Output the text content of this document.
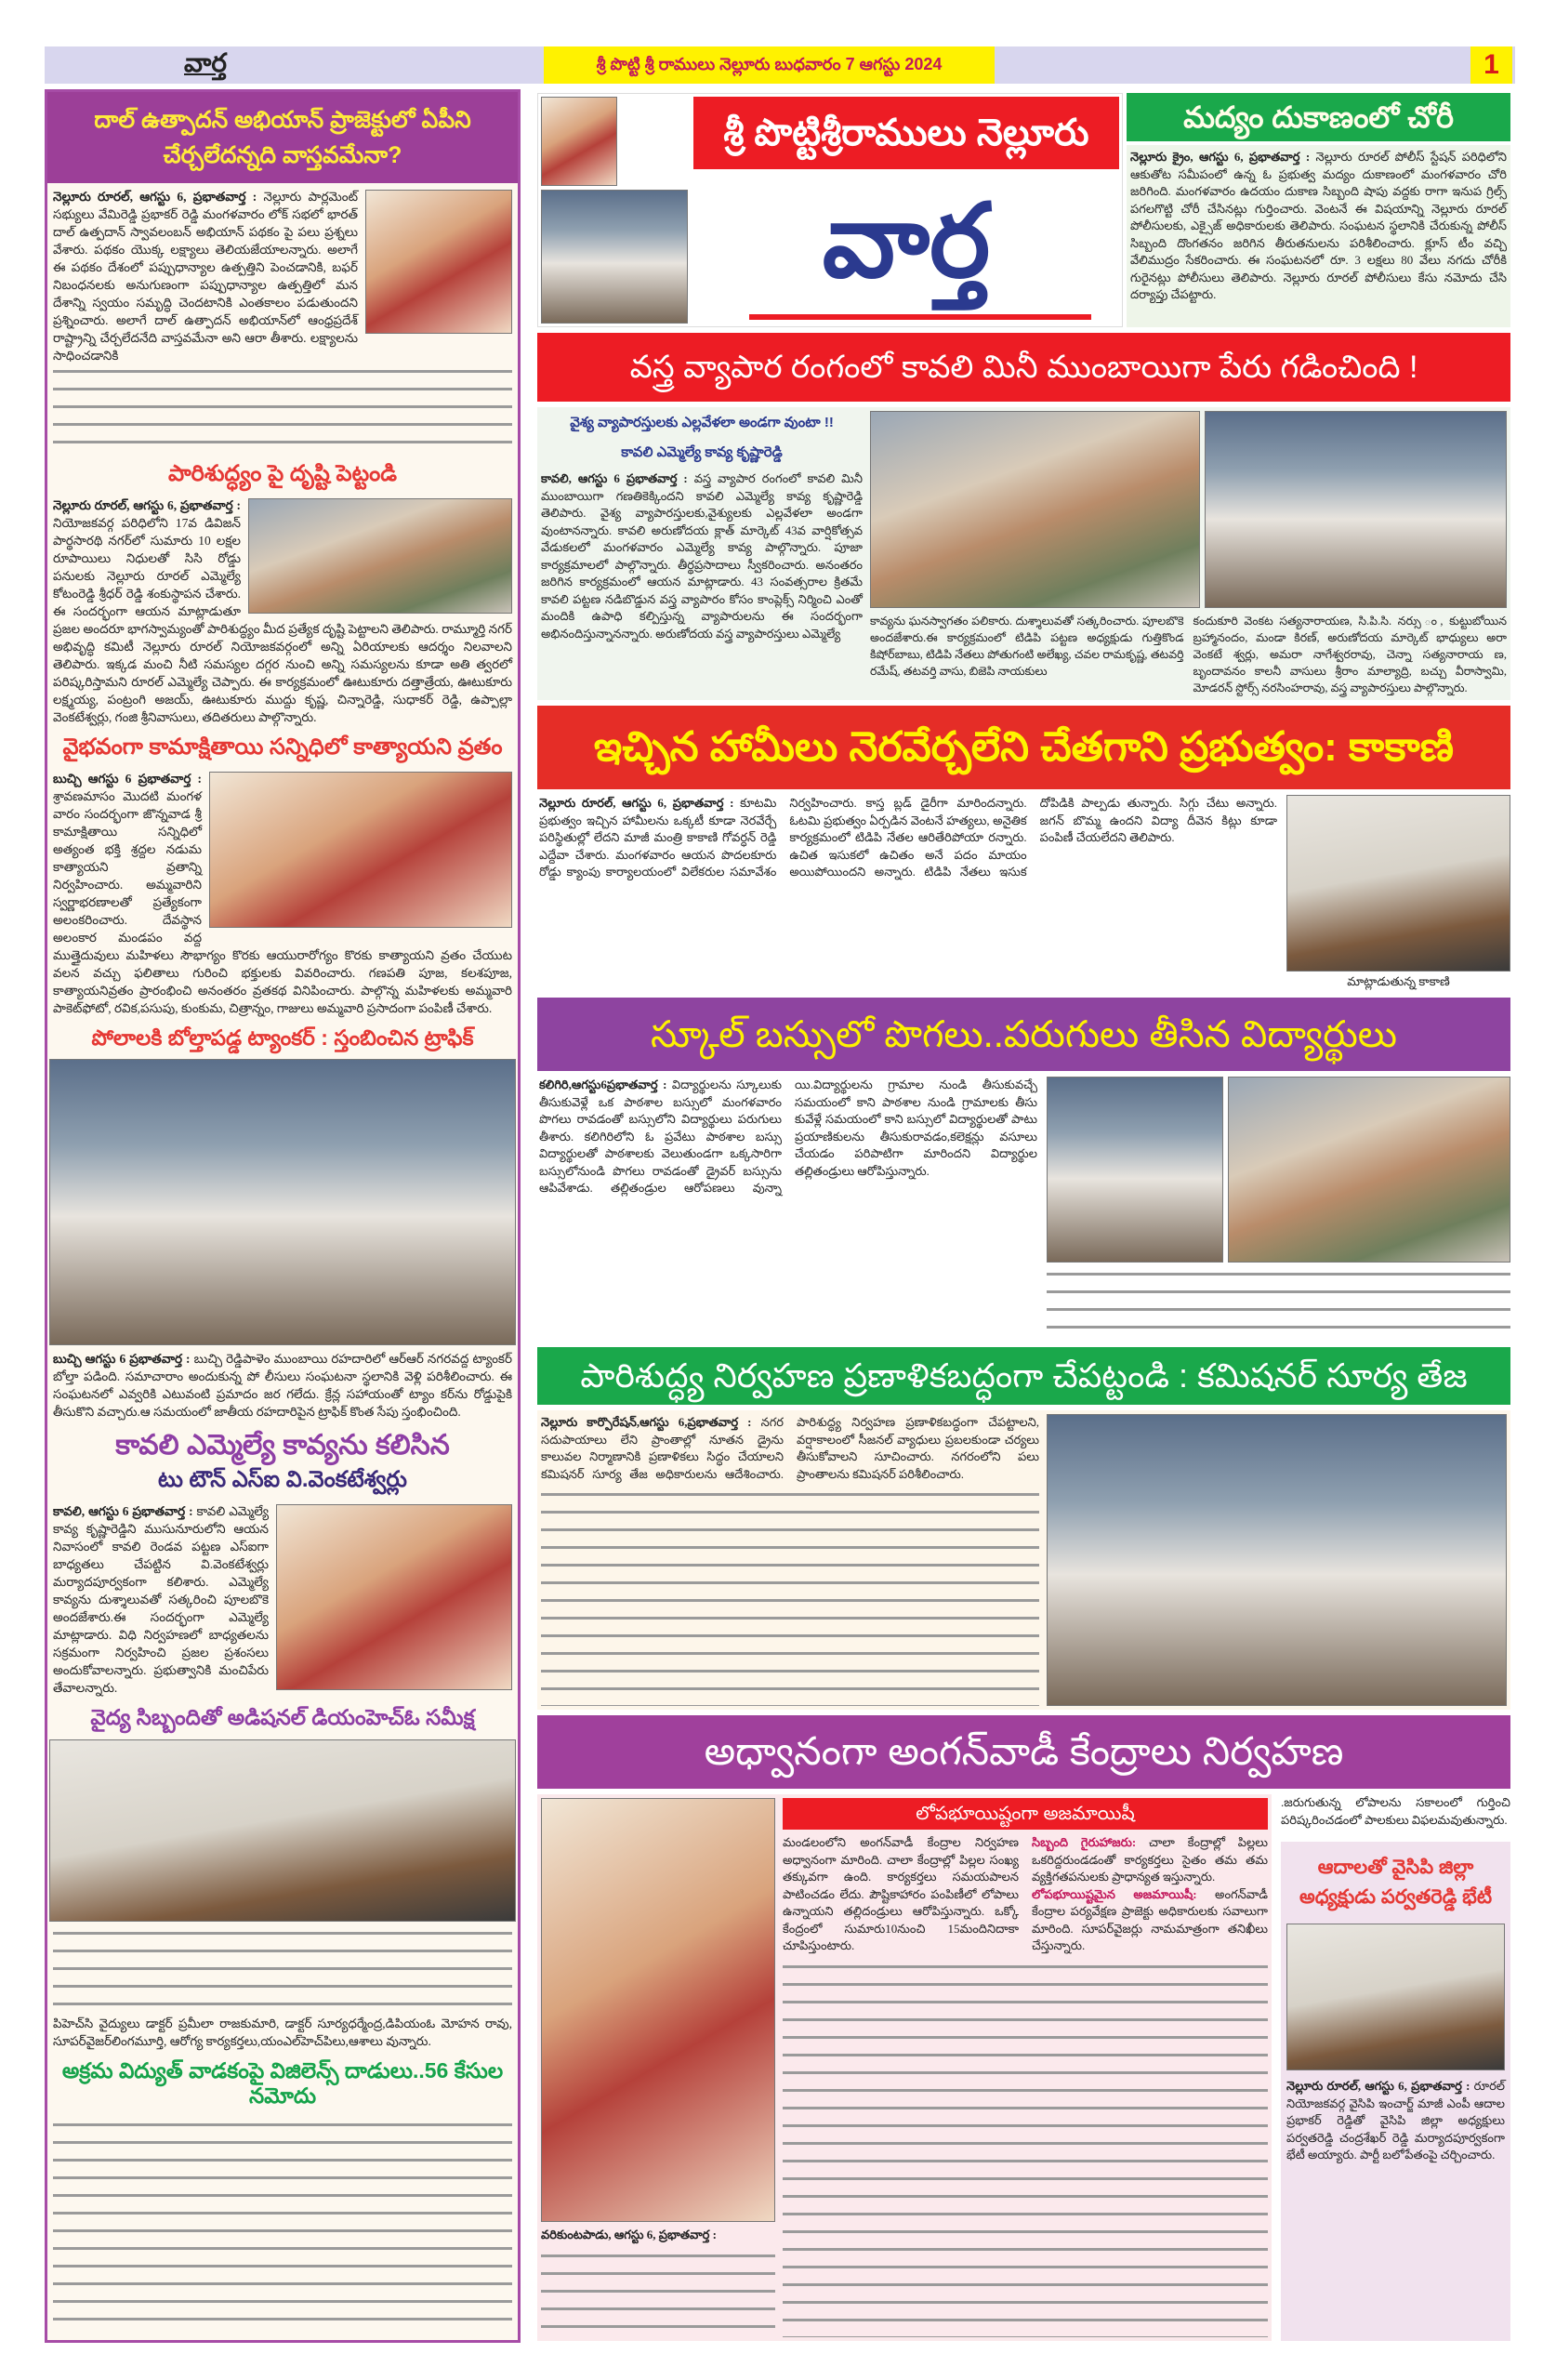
వార్త	శ్రీ పొట్టి శ్రీ రాములు నెల్లూరు బుధవారం 7 ఆగస్టు 2024	1
దాల్ ఉత్పాదన్ అభియాన్ ప్రాజెక్టులో ఏపీని చేర్చలేదన్నది వాస్తవమేనా?

నెల్లూరు రూరల్, ఆగస్టు 6, ప్రభాతవార్త : నెల్లూరు పార్లమెంట్ సభ్యులు వేమిరెడ్డి ప్రభాకర్ రెడ్డి మంగళవారం లోక్ సభలో భారత్ దాల్ ఉత్పదాన్ స్వావలంబన్ అభియాన్ పథకం పై పలు ప్రశ్నలు వేశారు. పథకం యొక్క లక్ష్యాలు తెలియజేయాలన్నారు. అలాగే ఈ పథకం దేశంలో పప్పుధాన్యాల ఉత్పత్తిని పెంచడానికి, బఫర్ నిబంధనలకు అనుగుణంగా పప్పుధాన్యాల ఉత్పత్తిలో మన దేశాన్ని స్వయం సమృద్ధి చెందటానికి ఎంతకాలం పడుతుందని ప్రశ్నించారు. అలాగే దాల్ ఉత్పాదన్ అభియాన్‌లో ఆంధ్రప్రదేశ్ రాష్ట్రాన్ని చేర్చలేదనేది వాస్తవమేనా అని ఆరా తీశారు. లక్ష్యాలను సాధించడానికి

పారిశుద్ధ్యం పై దృష్టి పెట్టండి

నెల్లూరు రూరల్, ఆగస్టు 6, ప్రభాతవార్త : నియోజకవర్గ పరిధిలోని 17వ డివిజన్ పార్థసారథి నగర్‌లో సుమారు 10 లక్షల రూపాయిలు నిధులతో సిసి రోడ్డు పనులకు నెల్లూరు రూరల్ ఎమ్మెల్యే కోటంరెడ్డి శ్రీధర్ రెడ్డి శంకుస్థాపన చేశారు. ఈ సందర్భంగా ఆయన మాట్లాడుతూ ప్రజల అందరూ భాగస్వామ్యంతో పారిశుద్ధ్యం మీద ప్రత్యేక దృష్టి పెట్టాలని తెలిపారు. రామ్మూర్తి నగర్ అభివృద్ధి కమిటీ నెల్లూరు రూరల్ నియోజకవర్గంలో అన్ని ఏరియాలకు ఆదర్శం నిలవాలని తెలిపారు. ఇక్కడ మంచి నీటి సమస్యల దగ్గర నుంచి అన్ని సమస్యలను కూడా అతి త్వరలో పరిష్కరిస్తామని రూరల్ ఎమ్మెల్యే చెప్పారు. ఈ కార్యక్రమంలో ఊటుకూరు దత్తాత్రేయ, ఊటుకూరు లక్ష్మయ్య, పంట్రంగి అజయ్, ఊటుకూరు ముద్దు కృష్ణ, చిన్నారెడ్డి, సుధాకర్ రెడ్డి, ఉప్పాల్లా వెంకటేశ్వర్లు, గంజి శ్రీనివాసులు, తదితరులు పాల్గొన్నారు.

వైభవంగా కామాక్షితాయి సన్నిధిలో కాత్యాయని వ్రతం

బుచ్చి ఆగస్టు 6 ప్రభాతవార్త : శ్రావణమాసం మొదటి మంగళ వారం సందర్భంగా జొన్నవాడ శ్రీ కామాక్షితాయి సన్నిధిలో అత్యంత భక్తి శ్రద్దల నడుమ కాత్యాయని వ్రతాన్ని నిర్వహించారు. అమ్మవారిని స్వర్ణాభరణాలతో ప్రత్యేకంగా అలంకరించారు. దేవస్థాన అలంకార మండపం వద్ద ముత్తైదువులు మహిళలు సౌభాగ్యం కొరకు ఆయురారోగ్యం కొరకు కాత్యాయని వ్రతం చేయుట వలన వచ్చు ఫలితాలు గురించి భక్తులకు వివరించారు. గణపతి పూజ, కలశపూజ, కాత్యాయనివ్రతం ప్రారంభించి అనంతరం వ్రతకథ వినిపించారు. పాల్గొన్న మహిళలకు అమ్మవారి పాకెట్‌ఫోటో, రవిక,పసుపు, కుంకుమ, చిత్రాన్నం, గాజులు అమ్మవారి ప్రసాదంగా పంపిణీ చేశారు.

పోలాలకి బోల్తాపడ్డ ట్యాంకర్ : స్తంబించిన ట్రాఫిక్

బుచ్చి ఆగస్టు 6 ప్రభాతవార్త : బుచ్చి రెడ్డిపాళెం ముంబాయి రహదారిలో ఆర్ఆర్ నగరవద్ద ట్యాంకర్ బోల్తా పడింది. సమాచారాం అందుకున్న పో లీసులు సంఘటనా స్థలానికి వెళ్లి పరిశీలించారు. ఈ సంఘటనలో ఎవ్వరికి ఎటువంటి ప్రమాదం జర గలేదు. క్రేన్ల సహాయంతో ట్యాం కర్‌ను రోడ్డుపైకి తీసుకొని వచ్చారు.ఆ సమయంలో జాతీయ రహదారిపైన ట్రాఫిక్ కొంత సేపు స్తంభించింది.

కావలి ఎమ్మెల్యే కావ్యను కలిసిన
టు టౌన్ ఎస్ఐ వి.వెంకటేశ్వర్లు

కావలి, ఆగస్టు 6 ప్రభాతవార్త : కావలి ఎమ్మెల్యే కావ్య కృష్ణారెడ్డిని ముసునూరులోని ఆయన నివాసంలో కావలి రెండవ పట్టణ ఎస్ఐగా బాధ్యతలు చేపట్టిన వి.వెంకటేశ్వర్లు మర్యాదపూర్వకంగా కలిశారు. ఎమ్మెల్యే కావ్యను దుశ్శాలువతో సత్కరించి పూలబొకె అందజేశారు.ఈ సందర్భంగా ఎమ్మెల్యే మాట్లాడారు. విధి నిర్వహణలో బాధ్యతలను సక్రమంగా నిర్వహించి ప్రజల ప్రశంసలు అందుకోవాలన్నారు. ప్రభుత్వానికి మంచిపేరు తేవాలన్నారు.

వైద్య సిబ్బందితో అడిషనల్ డియంహెచ్ఓ సమీక్ష

పిహెచ్‌సి వైద్యులు డాక్టర్ ప్రమీలా రాజకుమారి, డాక్టర్ సూర్యధర్మేంద్ర,డిపియంఓ మోహన రావు, సూపర్‌వైజర్‌లింగమూర్తి, ఆరోగ్య కార్యకర్తలు,యంఎల్‌హెచ్‌పిలు,ఆశాలు వున్నారు.

అక్రమ విద్యుత్ వాడకంపై విజిలెన్స్ దాడులు..56 కేసుల నమోదు
శ్రీ పొట్టిశ్రీరాములు నెల్లూరు
వార్త
మద్యం దుకాణంలో చోరీ

నెల్లూరు క్రైం, ఆగస్టు 6, ప్రభాతవార్త : నెల్లూరు రూరల్ పోలీస్ స్టేషన్ పరిధిలోని ఆకుతోట సమీపంలో ఉన్న ఓ ప్రభుత్వ మద్యం దుకాణంలో మంగళవారం చోరి జరిగింది. మంగళవారం ఉదయం దుకాణ సిబ్బంది షాపు వద్దకు రాగా ఇనుప గ్రిల్స్ పగలగొట్టి చోరీ చేసినట్లు గుర్తించారు. వెంటనే ఈ విషయాన్ని నెల్లూరు రూరల్ పోలీసులకు, ఎక్సైజ్ అధికారులకు తెలిపారు. సంఘటన స్థలానికి చేరుకున్న పోలీస్ సిబ్బంది దొంగతనం జరిగిన తీరుతనులను పరిశీలించారు. క్లూస్ టీం వచ్చి వేలిముద్రం సేకరించారు. ఈ సంఘటనలో రూ. 3 లక్షలు 80 వేలు నగదు చోరీకి గురైనట్లు పోలీసులు తెలిపారు. నెల్లూరు రూరల్ పోలీసులు కేసు నమోదు చేసి దర్యాప్తు చేపట్టారు.

వస్త్ర వ్యాపార రంగంలో కావలి మినీ ముంబాయిగా పేరు గడించింది !
వైశ్య వ్యాపారస్తులకు ఎల్లవేళలా అండగా వుంటా !!
కావలి ఎమ్మెల్యే కావ్య కృష్ణారెడ్డి

కావలి, ఆగస్టు 6 ప్రభాతవార్త : వస్త్ర వ్యాపార రంగంలో కావలి మినీ ముంబాయిగా గణతికెక్కిందని కావలి ఎమ్మెల్యే కావ్య కృష్ణారెడ్డి తెలిపారు. వైశ్య వ్యాపారస్తులకు,వైశ్యులకు ఎల్లవేళలా అండగా వుంటానన్నారు. కావలి అరుణోదయ క్లాత్ మార్కెట్ 43వ వార్షికోత్సవ వేడుకలలో మంగళవారం ఎమ్మెల్యే కావ్య పాల్గొన్నారు. పూజా కార్యక్రమాలలో పాల్గొన్నారు. తీర్థప్రసాదాలు స్వీకరించారు. అనంతరం జరిగిన కార్యక్రమంలో ఆయన మాట్లాడారు. 43 సంవత్సరాల క్రితమే కావలి పట్టణ నడిబొడ్డున వస్త్ర వ్యాపారం కోసం కాంప్లెక్స్ నిర్మించి ఎంతో మందికి ఉపాధి కల్పిస్తున్న వ్యాపారులను ఈ సందర్భంగా అభినందిస్తున్నానన్నారు. అరుణోదయ వస్త్ర వ్యాపారస్తులు ఎమ్మెల్యే

కావ్యను ఘనస్వాగతం పలికారు. దుశ్శాలువతో సత్కరించారు. పూలబొకె అందజేశారు.ఈ కార్యక్రమంలో టిడిపి పట్టణ అధ్యక్షుడు గుత్తికొండ కిషోర్‌బాబు, టిడిపి నేతలు పోతుగంటి అలేఖ్య, చవల రామకృష్ణ, తటవర్తి రమేష్, తటవర్తి వాసు, బిజెపి నాయకులు

కందుకూరి వెంకట సత్యనారాయణ, సి.పి.సి. నర్సు ం, కుట్టుబోయిన బ్రహ్మానందం, మండా కిరణ్, అరుణోదయ మార్కెట్ భాధ్యులు అరా వెంకటే శ్వర్లు, అమరా నాగేశ్వరరావు, చెన్నా సత్యనారాయ ణ, బృందావనం కాలనీ వాసులు శ్రీరాం మాల్యాద్రి, బచ్చు వీరాస్వామి, మోడరన్ స్టోర్స్ నరసింహరావు, వస్త్ర వ్యాపారస్తులు పాల్గొన్నారు.

ఇచ్చిన హామీలు నెరవేర్చలేని చేతగాని ప్రభుత్వం: కాకాణి

నెల్లూరు రూరల్, ఆగస్టు 6, ప్రభాతవార్త : కూటమి ప్రభుత్వం ఇచ్చిన హామీలను ఒక్కటీ కూడా నెరవేర్చే పరిస్థితుల్లో లేదని మాజీ మంత్రి కాకాణి గోవర్ధన్ రెడ్డి ఎద్దేవా చేశారు. మంగళవారం ఆయన పొదలకూరు రోడ్డు క్యాంపు కార్యాలయంలో విలేకరుల సమావేశం నిర్వహించారు. కాస్త బ్లడ్ డైరీగా మారిందన్నారు. ఓటమి ప్రభుత్వం ఏర్పడిన వెంటనే హత్యలు, అనైతిక కార్యక్రమంలో టిడిపి నేతల ఆరితేరిపోయా రన్నారు. ఉచిత ఇసుకలో ఉచితం అనే పదం మాయం అయిపోయిందని అన్నారు. టిడిపి నేతలు ఇసుక దోపిడికి పాల్పడు తున్నారు. సిగ్గు చేటు అన్నారు. జగన్ బొమ్మ ఉందని విద్యా దీవెన కిట్లు కూడా పంపిణీ చేయలేదని తెలిపారు.

మాట్లాడుతున్న కాకాణి
స్కూల్ బస్సులో పొగలు..పరుగులు తీసిన విద్యార్థులు

కలిగిరి,ఆగస్టు6ప్రభాతవార్త : విద్యార్థులను స్కూలుకు తీసుకువెళ్లే ఒక పాఠశాల బస్సులో మంగళవారం పొగలు రావడంతో బస్సులోని విద్యార్థులు పరుగులు తీశారు. కలిగిరిలోని ఓ ప్రవేటు పాఠశాల బస్సు విద్యార్థులతో పాఠశాలకు వెలుతుండగా ఒక్కసారిగా బస్సులోనుండి పొగలు రావడంతో డ్రైవర్ బస్సును ఆపివేశాడు. తల్లితండ్రుల ఆరోపణలు వున్నా యి.విద్యార్థులను గ్రామాల నుండి తీసుకువచ్చే సమయంలో కాని పాఠశాల నుండి గ్రామాలకు తీసు కువేళ్లే సమయంలో కాని బస్సులో విద్యార్థులతో పాటు ప్రయాణికులను తీసుకురావడం,కలెక్షన్లు వసూలు చేయడం పరిపాటిగా మారిందని విద్యార్థుల తల్లితండ్రులు ఆరోపిస్తున్నారు.

పారిశుద్ధ్య నిర్వహణ ప్రణాళికబద్ధంగా చేపట్టండి : కమిషనర్ సూర్య తేజ

నెల్లూరు కార్పొరేషన్,ఆగస్టు 6,ప్రభాతవార్త : నగర సదుపాయాలు లేని ప్రాంతాల్లో నూతన డ్రైను కాలువల నిర్మాణానికి ప్రణాళికలు సిద్ధం చేయాలని కమిషనర్ సూర్య తేజ అధికారులను ఆదేశించారు. పారిశుద్ధ్య నిర్వహణ ప్రణాళికబద్ధంగా చేపట్టాలని, వర్షాకాలంలో సీజనల్ వ్యాధులు ప్రబలకుండా చర్యలు తీసుకోవాలని సూచించారు. నగరంలోని పలు ప్రాంతాలను కమిషనర్ పరిశీలించారు.

అధ్వానంగా అంగన్‌వాడీ కేంద్రాలు నిర్వహణ

వరికుంటపాడు, ఆగస్టు 6, ప్రభాతవార్త :

లోపభూయిష్టంగా అజమాయిషీ

మండలంలోని అంగన్‌వాడీ కేంద్రాల నిర్వహణ అధ్వానంగా మారింది. చాలా కేంద్రాల్లో పిల్లల సంఖ్య తక్కువగా ఉంది. కార్యకర్తలు సమయపాలన పాటించడం లేదు. పౌష్టికాహారం పంపిణీలో లోపాలు ఉన్నాయని తల్లిదండ్రులు ఆరోపిస్తున్నారు. ఒక్కో కేంద్రంలో సుమారు10నుంచి 15మందినిదాకా చూపిస్తుంటారు.

సిబ్బంది గైరుహాజరు: చాలా కేంద్రాల్లో పిల్లలు ఒకరిద్దరుండడంతో కార్యకర్తలు సైతం తమ తమ వ్యక్తిగతపనులకు ప్రాధాన్యత ఇస్తున్నారు.

లోపభూయిష్టమైన అజమాయిషీ: అంగన్‌వాడీ కేంద్రాల పర్యవేక్షణ ప్రాజెక్టు అధికారులకు సవాలుగా మారింది. సూపర్‌వైజర్లు నామమాత్రంగా తనిఖీలు చేస్తున్నారు.

.జరుగుతున్న లోపాలను సకాలంలో గుర్తించి పరిష్కరించడంలో పాలకులు విఫలమవుతున్నారు.

ఆదాలతో వైసిపి జిల్లా అధ్యక్షుడు పర్వతరెడ్డి భేటీ

నెల్లూరు రూరల్, ఆగస్టు 6, ప్రభాతవార్త : రూరల్ నియోజకవర్గ వైసిపి ఇంచార్జ్ మాజీ ఎంపీ ఆదాల ప్రభాకర్ రెడ్డితో వైసిపి జిల్లా అధ్యక్షులు పర్వతరెడ్డి చంద్రశేఖర్ రెడ్డి మర్యాదపూర్వకంగా భేటీ అయ్యారు. పార్టీ బలోపేతంపై చర్చించారు.
